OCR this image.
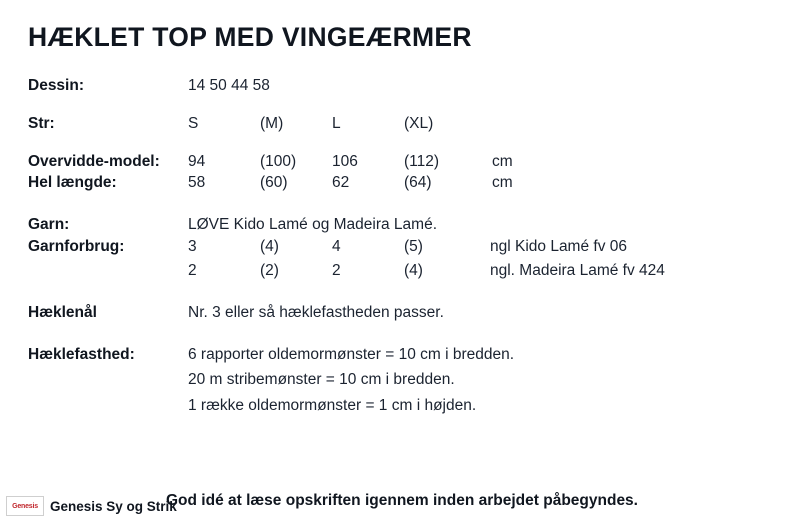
HÆKLET TOP MED VINGEÆRMER
Dessin:	14 50 44 58
Str:	S	(M)	L	(XL)
Overvidde-model:	94	(100)	106	(112)	cm
Hel længde:	58	(60)	62	(64)	cm
Garn:	LØVE Kido Lamé og Madeira Lamé.
Garnforbrug:	3	(4)	4	(5)	ngl Kido Lamé fv 06
2	(2)	2	(4)	ngl. Madeira Lamé fv 424
Hæklenål	Nr. 3 eller så hæklefastheden passer.
Hæklefasthed:	6 rapporter oldemormønster = 10 cm i bredden.
20 m stribemønster = 10 cm i bredden.
1 række oldemormønster = 1 cm i højden.
God idé at læse opskriften igennem inden arbejdet påbegyndes.
Genesis Genesis Sy og Strik
